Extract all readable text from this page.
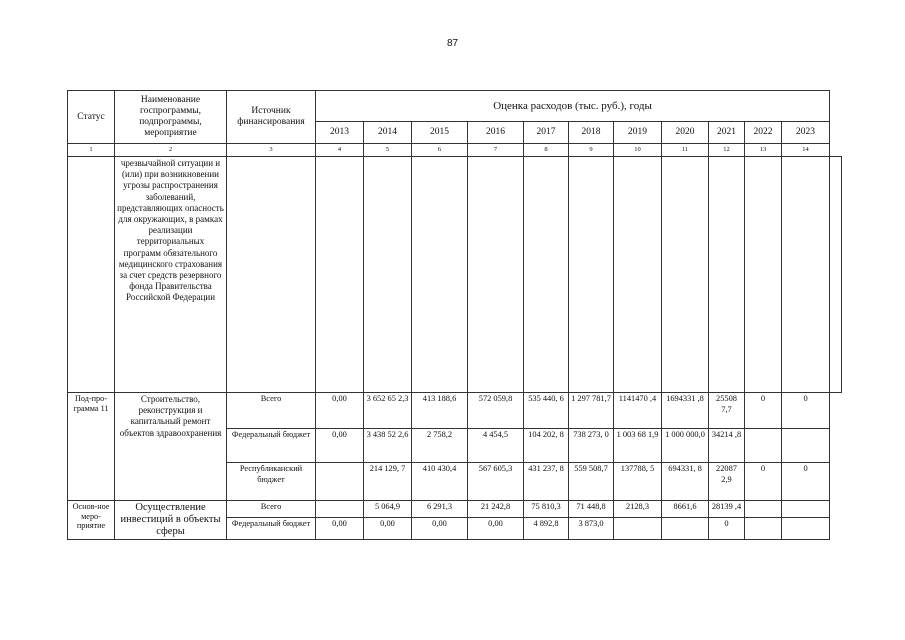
87
Статус	Наименование госпрограммы, подпрограммы, мероприятие	Источник финансирования	Оценка расходов (тыс. руб.), годы											
			2013	2014	2015	2016	2017	2018	2019	2020	2021	2022	2023	
1	2	3	4	5	6	7	8	9	10	11	12	13	14	
	чрезвычайной ситуации и (или) при возникновении угрозы распространения заболеваний, представляющих опасность для окружающих, в рамках реализации территориальных программ обязательного медицинского страхования за счет средств резервного фонда Правительства Российской Федерации													
Под-про-грамма 11	Строительство, реконструкция и капитальный ремонт объектов здравоохранения	Всего	0,00	3 652 65 2,3	413 188,6	572 059,8	535 440, 6	1 297 781,7	1141470 ,4	1694331 ,8	25508 7,7	0	0	
		Федеральный бюджет	0,00	3 438 52 2,6	2 758,2	4 454,5	104 202, 8	738 273, 0	1 003 68 1,9	1 000 000,0	34214 ,8			
		Республиканский бюджет		214 129, 7	410 430,4	567 605,3	431 237, 8	559 508,7	137788, 5	694331, 8	22087 2,9	0	0	
Основ-ное меро-приятие	Осуществление инвестиций в объекты сферы	Всего		5 064,9	6 291,3	21 242,8	75 810,3	71 448,8	2128,3	8661,6	28139 ,4			
		Федеральный бюджет	0,00	0,00	0,00	0,00	4 892,8	3 873,0			0			
